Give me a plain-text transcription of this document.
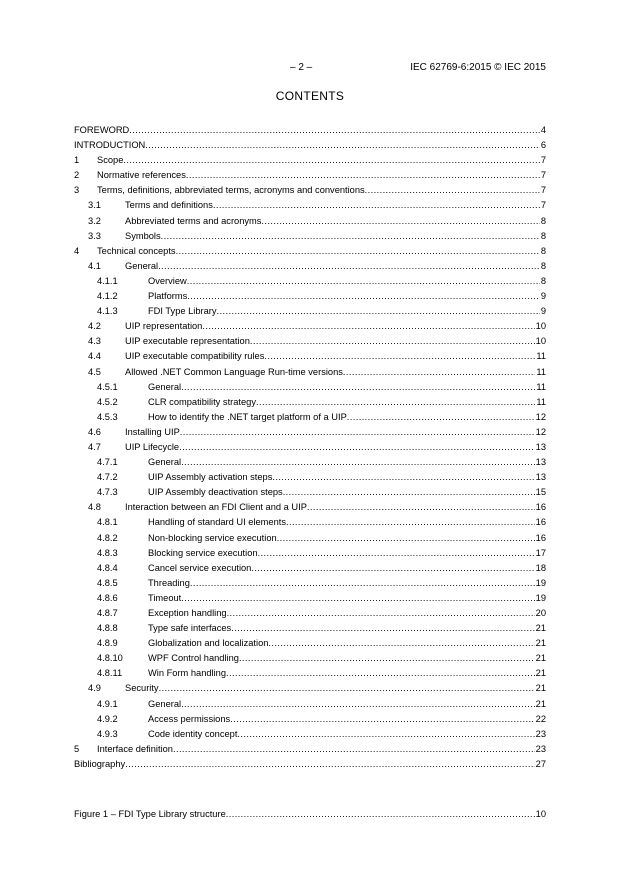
– 2 –	IEC 62769-6:2015 © IEC 2015
CONTENTS
FOREWORD .....	4
INTRODUCTION .....	6
1	Scope .....	7
2	Normative references .....	7
3	Terms, definitions, abbreviated terms, acronyms and conventions .....	7
3.1	Terms and definitions .....	7
3.2	Abbreviated terms and acronyms .....	8
3.3	Symbols .....	8
4	Technical concepts .....	8
4.1	General .....	8
4.1.1	Overview .....	8
4.1.2	Platforms .....	9
4.1.3	FDI Type Library .....	9
4.2	UIP representation .....	10
4.3	UIP executable representation .....	10
4.4	UIP executable compatibility rules .....	11
4.5	Allowed .NET Common Language Run-time versions .....	11
4.5.1	General .....	11
4.5.2	CLR compatibility strategy .....	11
4.5.3	How to identify the .NET target platform of a UIP .....	12
4.6	Installing UIP .....	12
4.7	UIP Lifecycle .....	13
4.7.1	General .....	13
4.7.2	UIP Assembly activation steps .....	13
4.7.3	UIP Assembly deactivation steps .....	15
4.8	Interaction between an FDI Client and a UIP .....	16
4.8.1	Handling of standard UI elements .....	16
4.8.2	Non-blocking service execution .....	16
4.8.3	Blocking service execution .....	17
4.8.4	Cancel service execution .....	18
4.8.5	Threading .....	19
4.8.6	Timeout .....	19
4.8.7	Exception handling .....	20
4.8.8	Type safe interfaces .....	21
4.8.9	Globalization and localization .....	21
4.8.10	WPF Control handling .....	21
4.8.11	Win Form handling .....	21
4.9	Security .....	21
4.9.1	General .....	21
4.9.2	Access permissions .....	22
4.9.3	Code identity concept .....	23
5	Interface definition .....	23
Bibliography .....	27
Figure 1 – FDI Type Library structure .....	10
